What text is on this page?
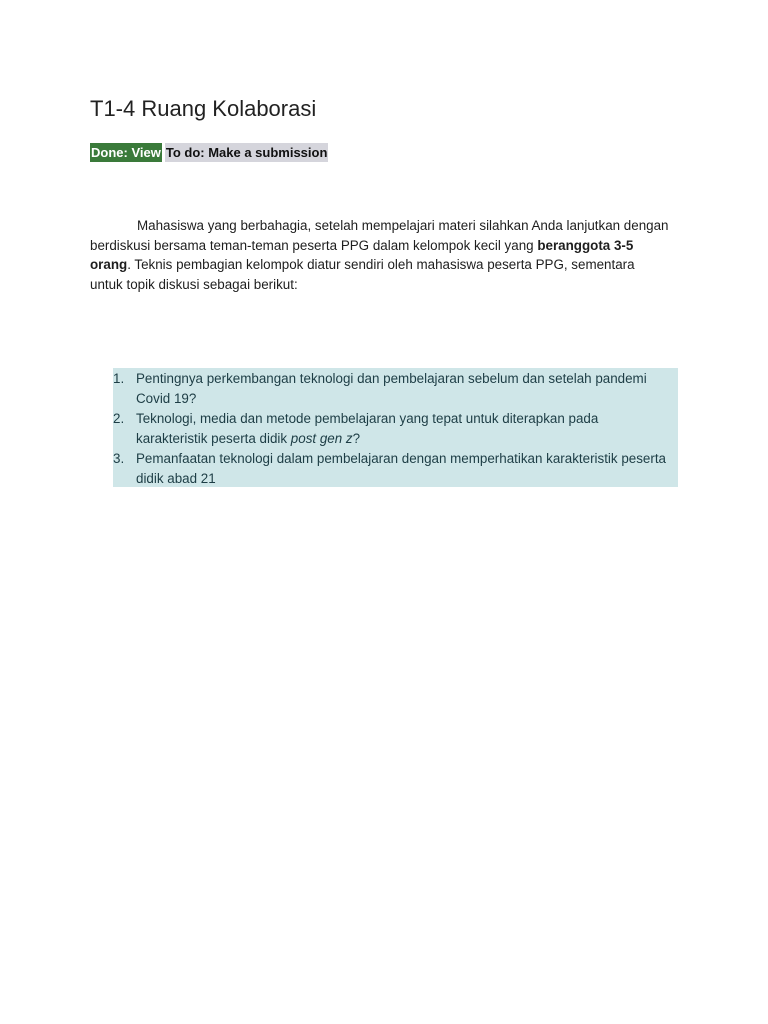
T1-4 Ruang Kolaborasi
Done: View To do: Make a submission

Mahasiswa yang berbahagia, setelah mempelajari materi silahkan Anda lanjutkan dengan berdiskusi bersama teman-teman peserta PPG dalam kelompok kecil yang beranggota 3-5 orang. Teknis pembagian kelompok diatur sendiri oleh mahasiswa peserta PPG, sementara untuk topik diskusi sebagai berikut:

1. Pentingnya perkembangan teknologi dan pembelajaran sebelum dan setelah pandemi Covid 19?
2. Teknologi, media dan metode pembelajaran yang tepat untuk diterapkan pada karakteristik peserta didik post gen z?
3. Pemanfaatan teknologi dalam pembelajaran dengan memperhatikan karakteristik peserta didik abad 21
